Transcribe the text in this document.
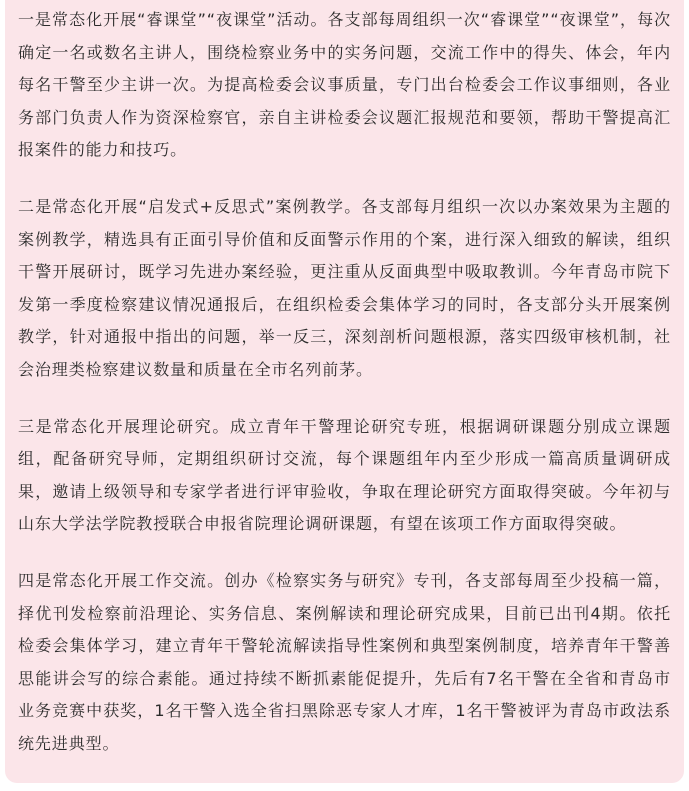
一是常态化开展“睿课堂”“夜课堂”活动。各支部每周组织一次“睿课堂”“夜课堂”，每次确定一名或数名主讲人，围绕检察业务中的实务问题，交流工作中的得失、体会，年内每名干警至少主讲一次。为提高检委会议事质量，专门出台检委会工作议事细则，各业务部门负责人作为资深检察官，亲自主讲检委会议题汇报规范和要领，帮助干警提高汇报案件的能力和技巧。

二是常态化开展“启发式+反思式”案例教学。各支部每月组织一次以办案效果为主题的案例教学，精选具有正面引导价值和反面警示作用的个案，进行深入细致的解读，组织干警开展研讨，既学习先进办案经验，更注重从反面典型中吸取教训。今年青岛市院下发第一季度检察建议情况通报后，在组织检委会集体学习的同时，各支部分头开展案例教学，针对通报中指出的问题，举一反三，深刻剖析问题根源，落实四级审核机制，社会治理类检察建议数量和质量在全市名列前茅。

三是常态化开展理论研究。成立青年干警理论研究专班，根据调研课题分别成立课题组，配备研究导师，定期组织研讨交流，每个课题组年内至少形成一篇高质量调研成果，邀请上级领导和专家学者进行评审验收，争取在理论研究方面取得突破。今年初与山东大学法学院教授联合申报省院理论调研课题，有望在该项工作方面取得突破。

四是常态化开展工作交流。创办《检察实务与研究》专刊，各支部每周至少投稿一篇，择优刊发检察前沿理论、实务信息、案例解读和理论研究成果，目前已出刊4期。依托检委会集体学习，建立青年干警轮流解读指导性案例和典型案例制度，培养青年干警善思能讲会写的综合素能。通过持续不断抓素能促提升，先后有7名干警在全省和青岛市业务竞赛中获奖，1名干警入选全省扫黑除恶专家人才库，1名干警被评为青岛市政法系统先进典型。
